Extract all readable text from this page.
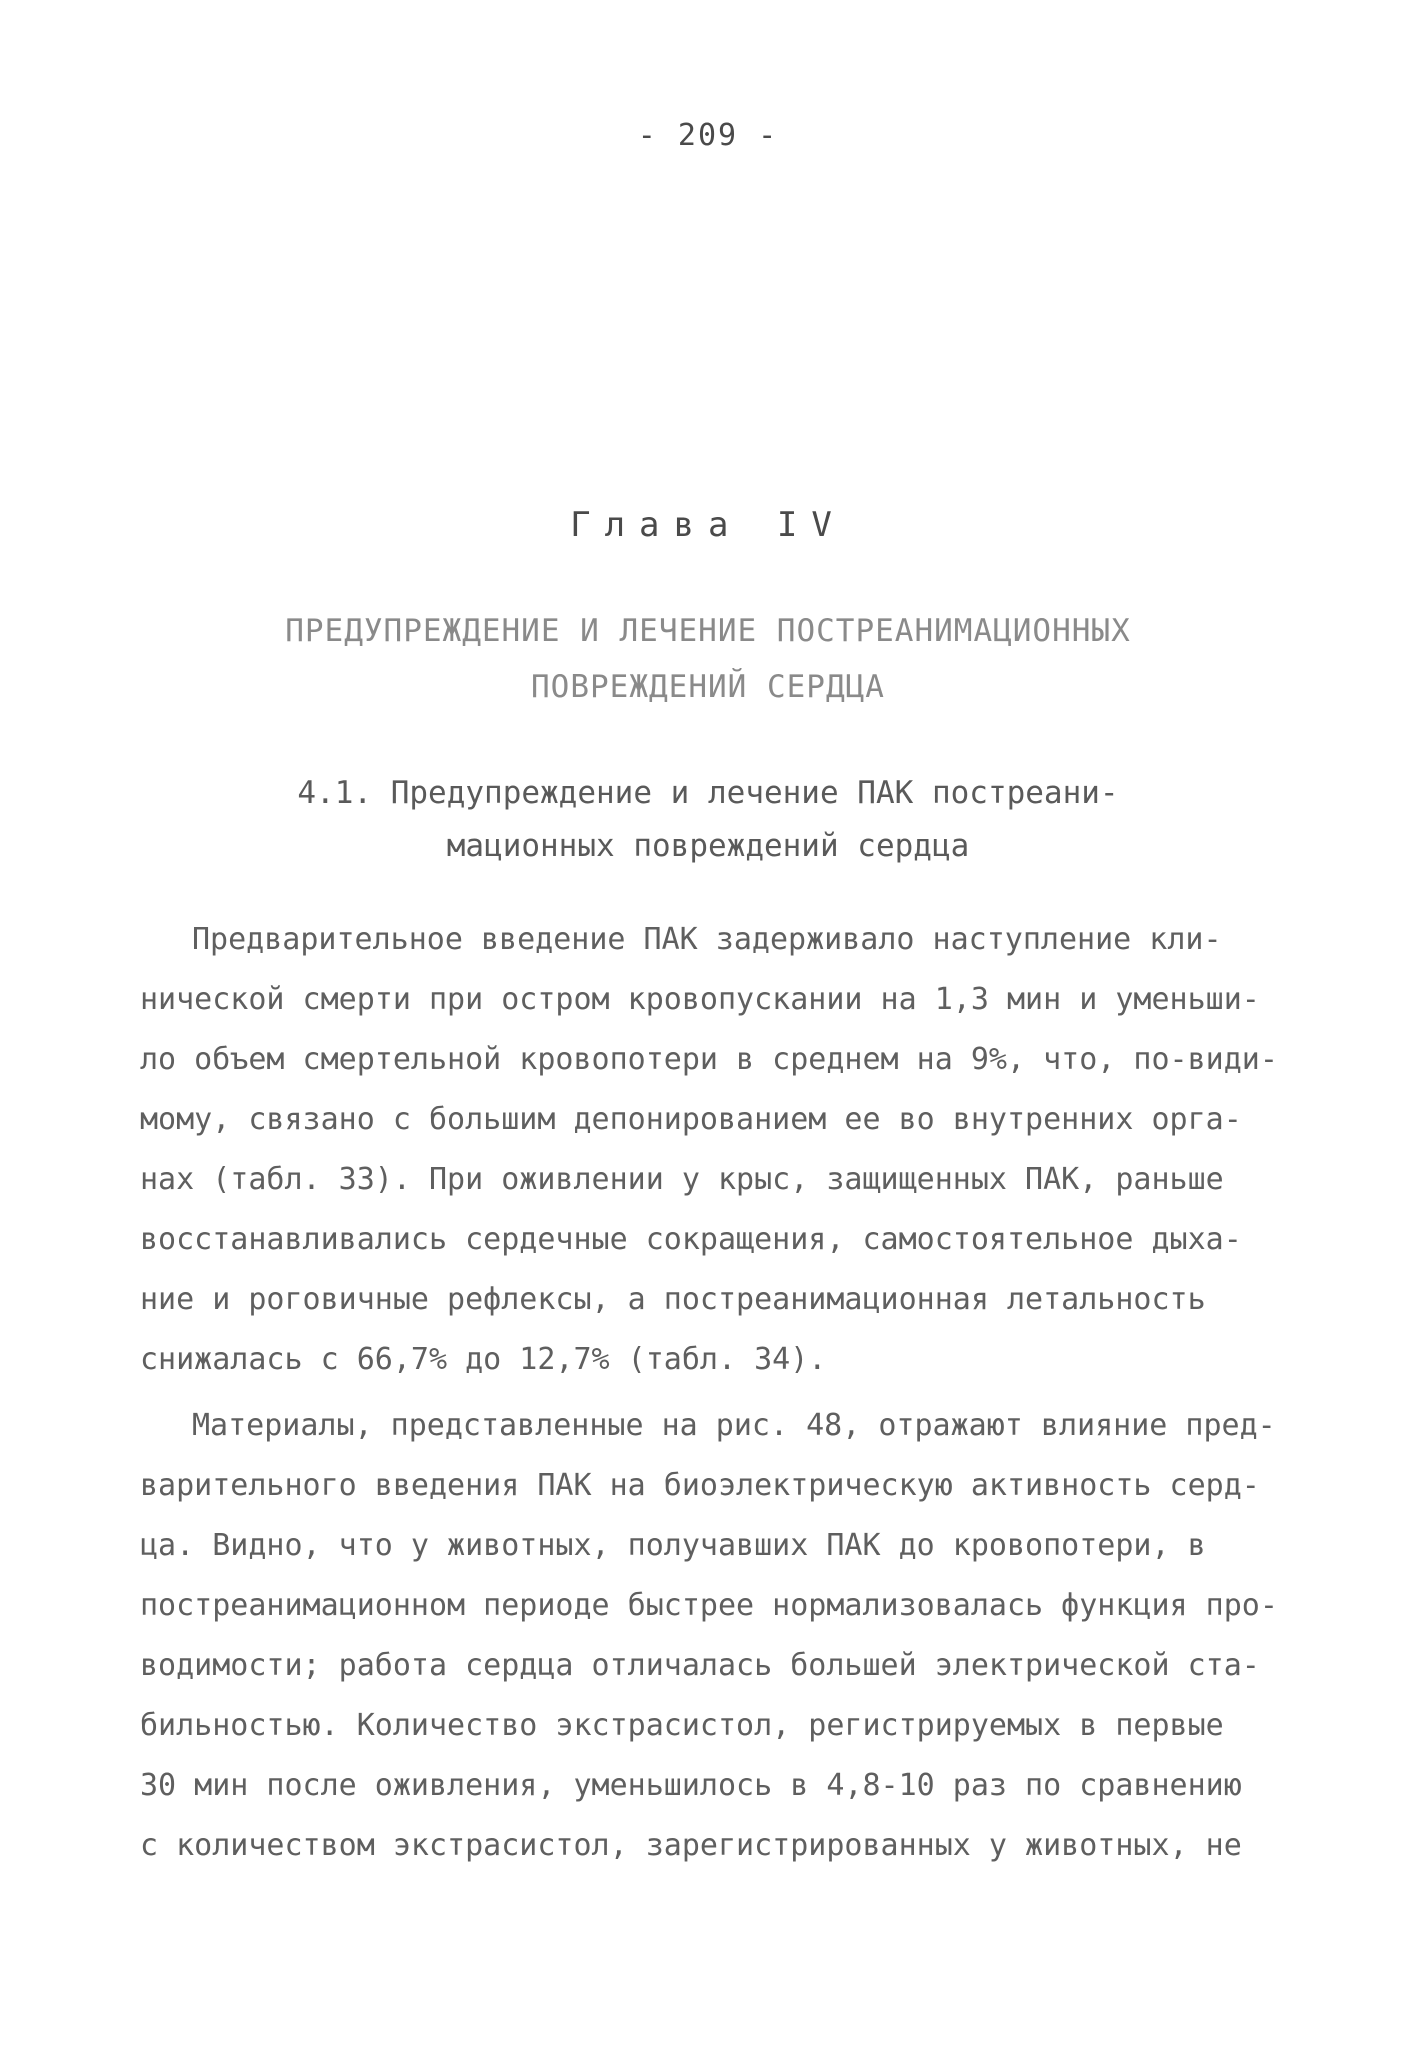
- 209 -
Глава IV
ПРЕДУПРЕЖДЕНИЕ И ЛЕЧЕНИЕ ПОСТРЕАНИМАЦИОННЫХ
ПОВРЕЖДЕНИЙ СЕРДЦА
4.1. Предупреждение и лечение ПАК постреани-
мационных повреждений сердца
Предварительное введение ПАК задерживало наступление кли-
нической смерти при остром кровопускании на 1,3 мин и уменьши-
ло объем смертельной кровопотери в среднем на 9%, что, по-види-
мому, связано с большим депонированием ее во внутренних орга-
нах (табл. 33). При оживлении у крыс, защищенных ПАК, раньше
восстанавливались сердечные сокращения, самостоятельное дыха-
ние и роговичные рефлексы, а постреанимационная летальность
снижалась с 66,7% до 12,7% (табл. 34).
Материалы, представленные на рис. 48, отражают влияние пред-
варительного введения ПАК на биоэлектрическую активность серд-
ца. Видно, что у животных, получавших ПАК до кровопотери, в
постреанимационном периоде быстрее нормализовалась функция про-
водимости; работа сердца отличалась большей электрической ста-
бильностью. Количество экстрасистол, регистрируемых в первые
30 мин после оживления, уменьшилось в 4,8-10 раз по сравнению
с количеством экстрасистол, зарегистрированных у животных, не
